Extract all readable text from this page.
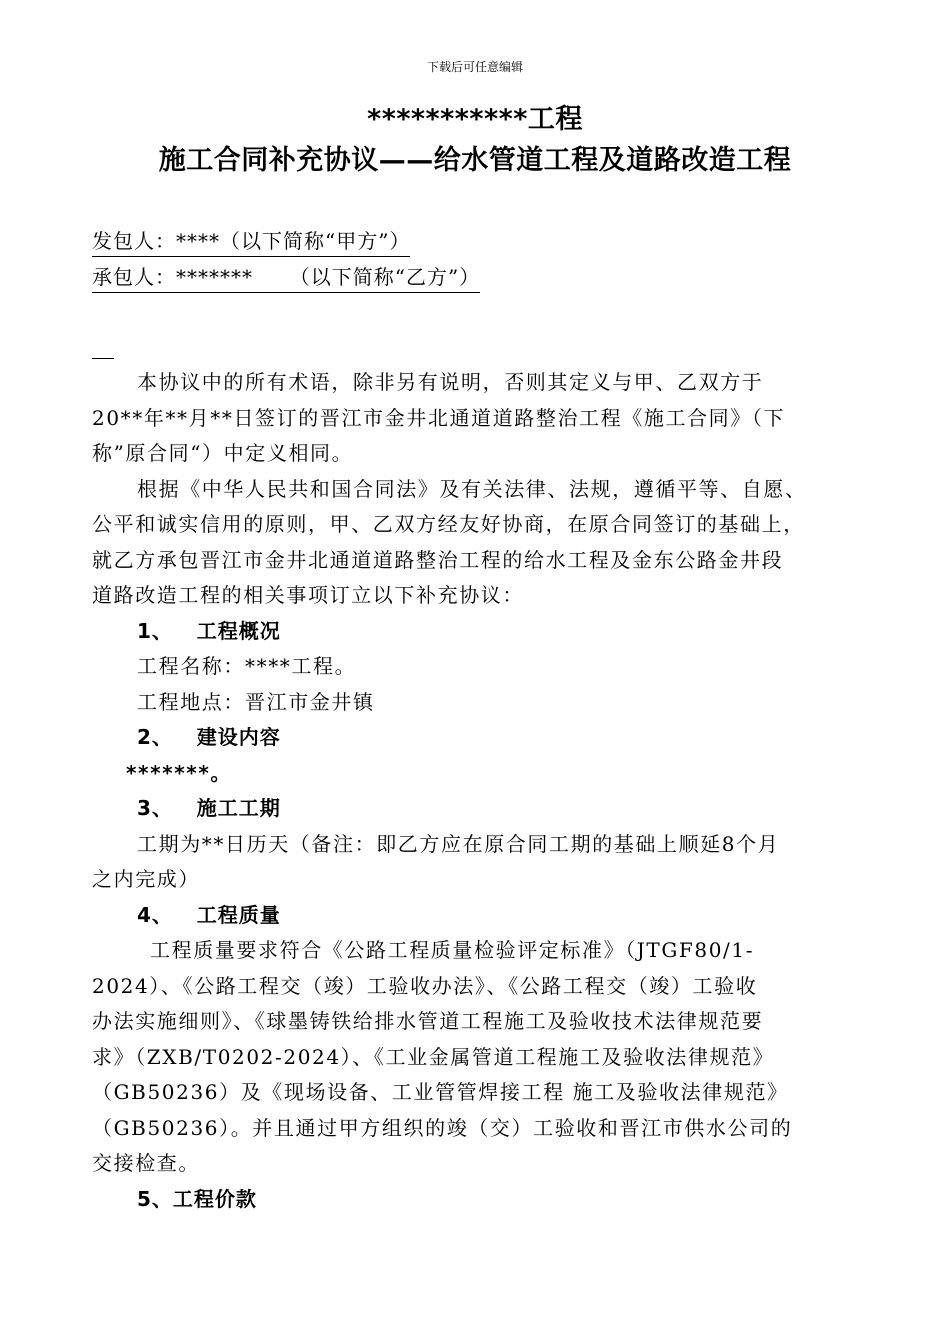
下载后可任意编辑
***********工程
施工合同补充协议——给水管道工程及道路改造工程
发包人：****（以下简称“甲方”）
承包人：*******     （以下简称“乙方”）

本协议中的所有术语，除非另有说明，否则其定义与甲、乙双方于

20**年**月**日签订的晋江市金井北通道道路整治工程《施工合同》（下

称”原合同“）中定义相同。

根据《中华人民共和国合同法》及有关法律、法规，遵循平等、自愿、

公平和诚实信用的原则，甲、乙双方经友好协商，在原合同签订的基础上，

就乙方承包晋江市金井北通道道路整治工程的给水工程及金东公路金井段

道路改造工程的相关事项订立以下补充协议：

1、   工程概况

工程名称：****工程。

工程地点：晋江市金井镇

2、   建设内容

*******。

3、   施工工期

工期为**日历天（备注：即乙方应在原合同工期的基础上顺延8个月

之内完成）

4、   工程质量

工程质量要求符合《公路工程质量检验评定标准》（JTGF80/1-

2024）、《公路工程交（竣）工验收办法》、《公路工程交（竣）工验收

办法实施细则》、《球墨铸铁给排水管道工程施工及验收技术法律规范要

求》（ZXB/T0202-2024）、《工业金属管道工程施工及验收法律规范》

（GB50236）及《现场设备、工业管管焊接工程 施工及验收法律规范》

（GB50236）。并且通过甲方组织的竣（交）工验收和晋江市供水公司的

交接检查。

5、工程价款
